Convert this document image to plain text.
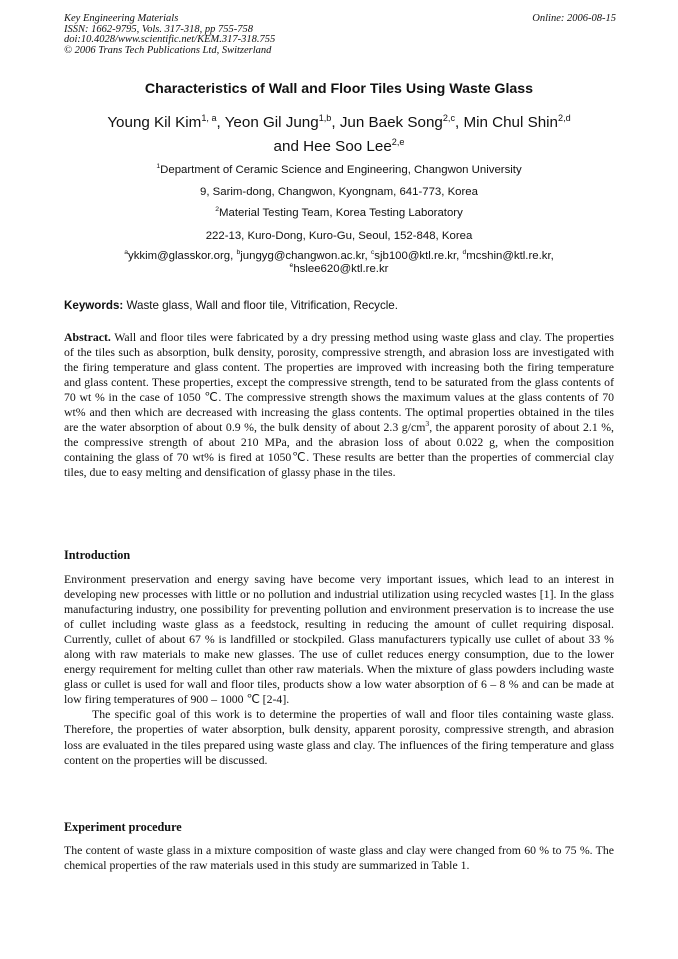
Key Engineering Materials
ISSN: 1662-9795, Vols. 317-318, pp 755-758
doi:10.4028/www.scientific.net/KEM.317-318.755
© 2006 Trans Tech Publications Ltd, Switzerland
Online: 2006-08-15
Characteristics of Wall and Floor Tiles Using Waste Glass
Young Kil Kim$^{1, a}$, Yeon Gil Jung$^{1,b}$, Jun Baek Song$^{2,c}$, Min Chul Shin$^{2,d}$
and Hee Soo Lee$^{2,e}$
$^1$Department of Ceramic Science and Engineering, Changwon University
9, Sarim-dong, Changwon, Kyongnam, 641-773, Korea
$^2$Material Testing Team, Korea Testing Laboratory
222-13, Kuro-Dong, Kuro-Gu, Seoul, 152-848, Korea
$^a$ykkim@glasskor.org, $^b$jungyg@changwon.ac.kr, $^c$sjb100@ktl.re.kr, $^d$mcshin@ktl.re.kr,
$^e$hslee620@ktl.re.kr
Keywords: Waste glass, Wall and floor tile, Vitrification, Recycle.

Abstract. Wall and floor tiles were fabricated by a dry pressing method using waste glass and clay. The properties of the tiles such as absorption, bulk density, porosity, compressive strength, and abrasion loss are investigated with the firing temperature and glass content. The properties are improved with increasing both the firing temperature and glass content. These properties, except the compressive strength, tend to be saturated from the glass contents of 70 wt % in the case of 1050 ℃. The compressive strength shows the maximum values at the glass contents of 70 wt% and then which are decreased with increasing the glass contents. The optimal properties obtained in the tiles are the water absorption of about 0.9 %, the bulk density of about 2.3 $g/cm^3$, the apparent porosity of about 2.1 %, the compressive strength of about 210 MPa, and the abrasion loss of about 0.022 g, when the composition containing the glass of 70 wt% is fired at 1050℃. These results are better than the properties of commercial clay tiles, due to easy melting and densification of glassy phase in the tiles.

Introduction

Environment preservation and energy saving have become very important issues, which lead to an interest in developing new processes with little or no pollution and industrial utilization using recycled wastes [1]. In the glass manufacturing industry, one possibility for preventing pollution and environment preservation is to increase the use of cullet including waste glass as a feedstock, resulting in reducing the amount of cullet requiring disposal. Currently, cullet of about 67 % is landfilled or stockpiled. Glass manufacturers typically use cullet of about 33 % along with raw materials to make new glasses. The use of cullet reduces energy consumption, due to the lower energy requirement for melting cullet than other raw materials. When the mixture of glass powders including waste glass or cullet is used for wall and floor tiles, products show a low water absorption of 6 – 8 % and can be made at low firing temperatures of 900 – 1000 ℃ [2-4].

The specific goal of this work is to determine the properties of wall and floor tiles containing waste glass. Therefore, the properties of water absorption, bulk density, apparent porosity, compressive strength, and abrasion loss are evaluated in the tiles prepared using waste glass and clay. The influences of the firing temperature and glass content on the properties will be discussed.

Experiment procedure

The content of waste glass in a mixture composition of waste glass and clay were changed from 60 % to 75 %. The chemical properties of the raw materials used in this study are summarized in Table 1.
